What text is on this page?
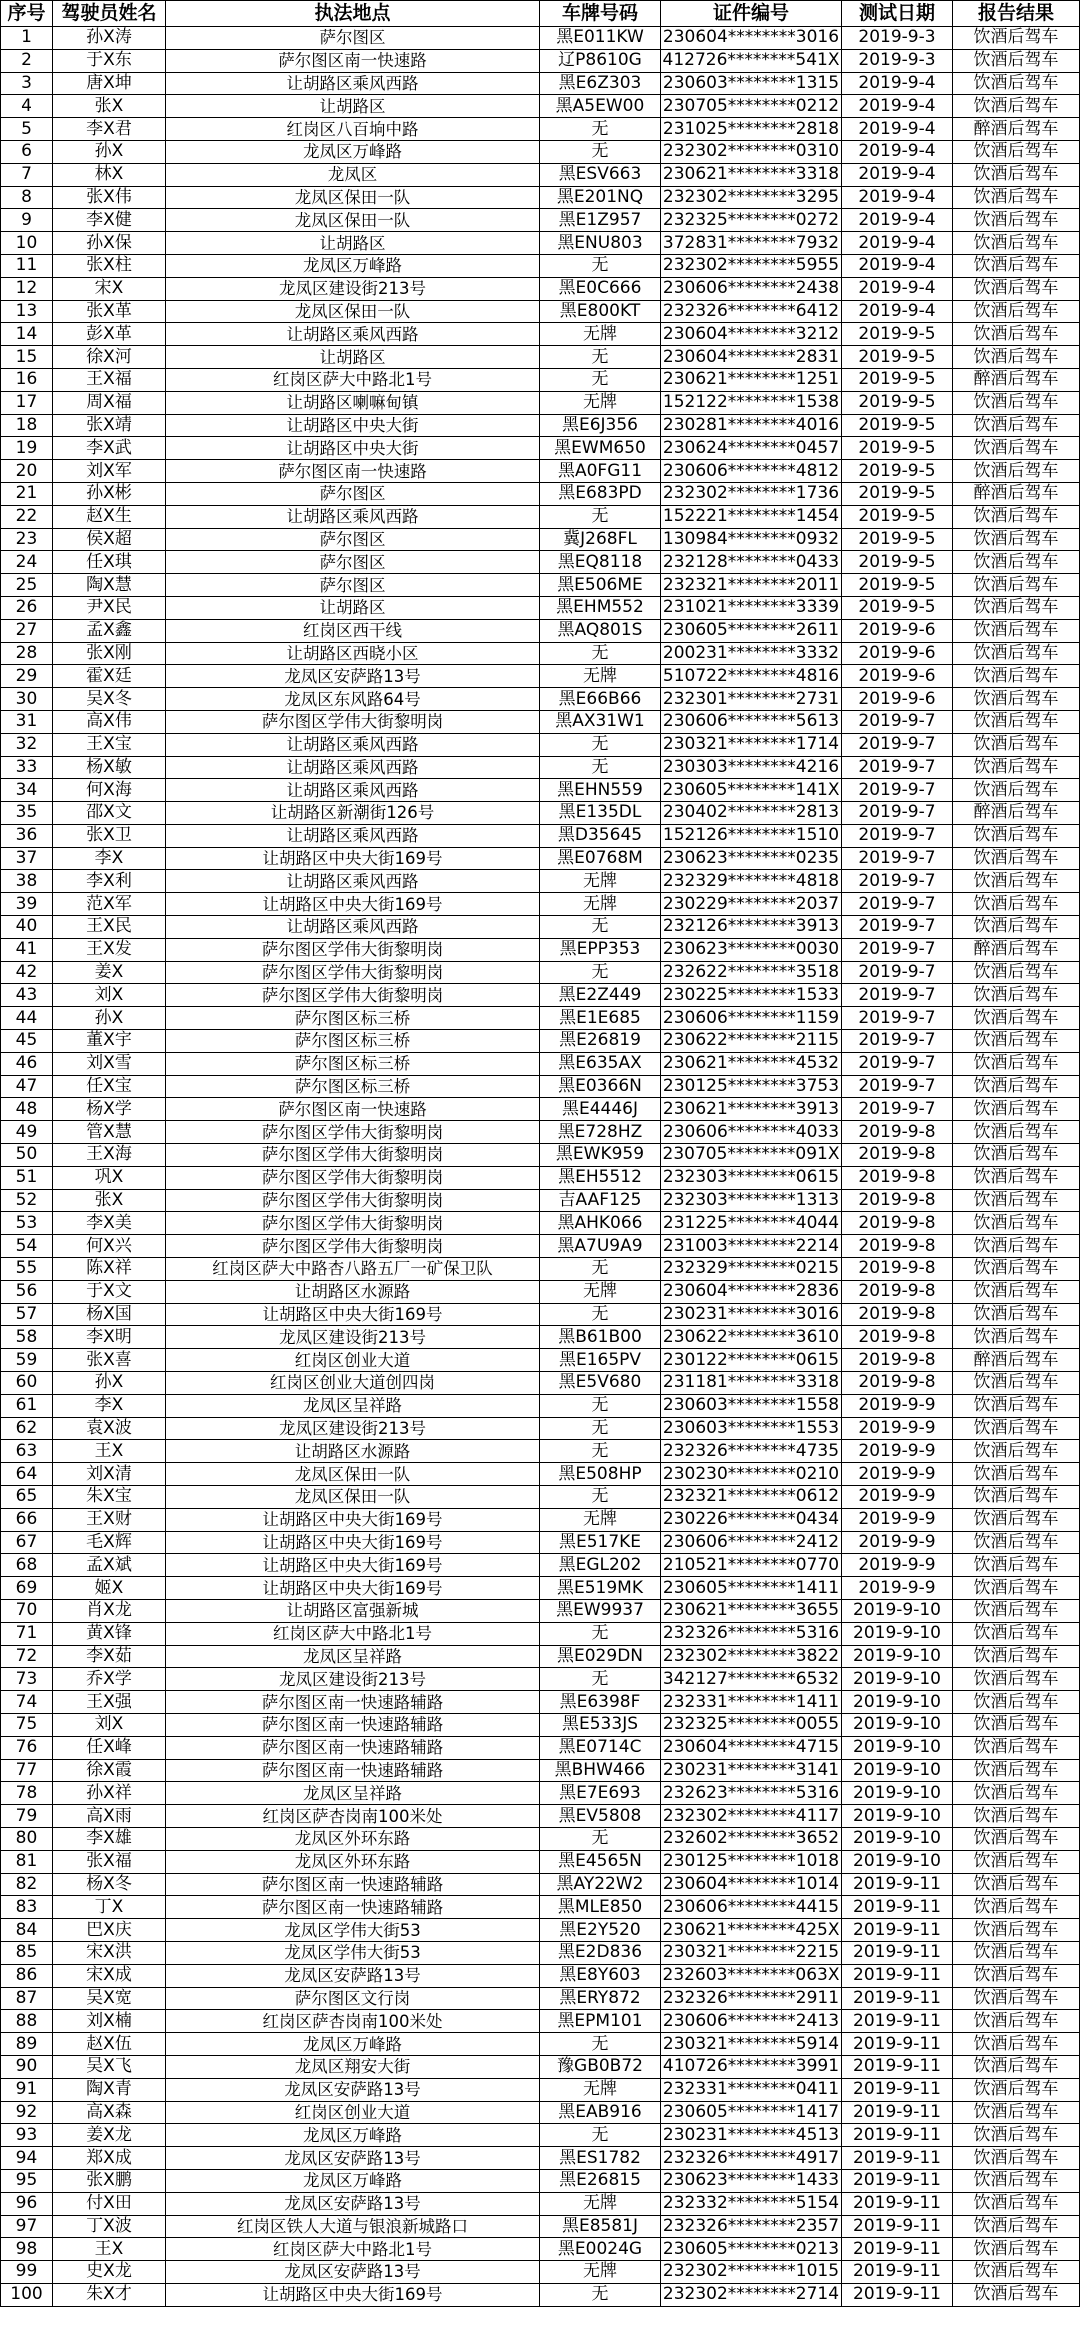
序号	驾驶员姓名	执法地点	车牌号码	证件编号	测试日期	报告结果
1	孙X涛	萨尔图区	黑E011KW	230604********3016	2019-9-3	饮酒后驾车
2	于X东	萨尔图区南一快速路	辽P8610G	412726********541X	2019-9-3	饮酒后驾车
3	唐X坤	让胡路区乘风西路	黑E6Z303	230603********1315	2019-9-4	饮酒后驾车
4	张X	让胡路区	黑A5EW00	230705********0212	2019-9-4	饮酒后驾车
5	李X君	红岗区八百垧中路	无	231025********2818	2019-9-4	醉酒后驾车
6	孙X	龙凤区万峰路	无	232302********0310	2019-9-4	饮酒后驾车
7	林X	龙凤区	黑ESV663	230621********3318	2019-9-4	饮酒后驾车
8	张X伟	龙凤区保田一队	黑E201NQ	232302********3295	2019-9-4	饮酒后驾车
9	李X健	龙凤区保田一队	黑E1Z957	232325********0272	2019-9-4	饮酒后驾车
10	孙X保	让胡路区	黑ENU803	372831********7932	2019-9-4	饮酒后驾车
11	张X柱	龙凤区万峰路	无	232302********5955	2019-9-4	饮酒后驾车
12	宋X	龙凤区建设街213号	黑E0C666	230606********2438	2019-9-4	饮酒后驾车
13	张X革	龙凤区保田一队	黑E800KT	232326********6412	2019-9-4	饮酒后驾车
14	彭X革	让胡路区乘风西路	无牌	230604********3212	2019-9-5	饮酒后驾车
15	徐X河	让胡路区	无	230604********2831	2019-9-5	饮酒后驾车
16	王X福	红岗区萨大中路北1号	无	230621********1251	2019-9-5	醉酒后驾车
17	周X福	让胡路区喇嘛甸镇	无牌	152122********1538	2019-9-5	饮酒后驾车
18	张X靖	让胡路区中央大街	黑E6J356	230281********4016	2019-9-5	饮酒后驾车
19	李X武	让胡路区中央大街	黑EWM650	230624********0457	2019-9-5	饮酒后驾车
20	刘X军	萨尔图区南一快速路	黑A0FG11	230606********4812	2019-9-5	饮酒后驾车
21	孙X彬	萨尔图区	黑E683PD	232302********1736	2019-9-5	醉酒后驾车
22	赵X生	让胡路区乘风西路	无	152221********1454	2019-9-5	饮酒后驾车
23	侯X超	萨尔图区	冀J268FL	130984********0932	2019-9-5	饮酒后驾车
24	任X琪	萨尔图区	黑EQ8118	232128********0433	2019-9-5	饮酒后驾车
25	陶X慧	萨尔图区	黑E506ME	232321********2011	2019-9-5	饮酒后驾车
26	尹X民	让胡路区	黑EHM552	231021********3339	2019-9-5	饮酒后驾车
27	孟X鑫	红岗区西干线	黑AQ801S	230605********2611	2019-9-6	饮酒后驾车
28	张X刚	让胡路区西晓小区	无	200231********3332	2019-9-6	饮酒后驾车
29	霍X廷	龙凤区安萨路13号	无牌	510722********4816	2019-9-6	饮酒后驾车
30	吴X冬	龙凤区东风路64号	黑E66B66	232301********2731	2019-9-6	饮酒后驾车
31	高X伟	萨尔图区学伟大街黎明岗	黑AX31W1	230606********5613	2019-9-7	饮酒后驾车
32	王X宝	让胡路区乘风西路	无	230321********1714	2019-9-7	饮酒后驾车
33	杨X敏	让胡路区乘风西路	无	230303********4216	2019-9-7	饮酒后驾车
34	何X海	让胡路区乘风西路	黑EHN559	230605********141X	2019-9-7	饮酒后驾车
35	邵X文	让胡路区新潮街126号	黑E135DL	230402********2813	2019-9-7	醉酒后驾车
36	张X卫	让胡路区乘风西路	黑D35645	152126********1510	2019-9-7	饮酒后驾车
37	李X	让胡路区中央大街169号	黑E0768M	230623********0235	2019-9-7	饮酒后驾车
38	李X利	让胡路区乘风西路	无牌	232329********4818	2019-9-7	饮酒后驾车
39	范X军	让胡路区中央大街169号	无牌	230229********2037	2019-9-7	饮酒后驾车
40	王X民	让胡路区乘风西路	无	232126********3913	2019-9-7	饮酒后驾车
41	王X发	萨尔图区学伟大街黎明岗	黑EPP353	230623********0030	2019-9-7	醉酒后驾车
42	姜X	萨尔图区学伟大街黎明岗	无	232622********3518	2019-9-7	饮酒后驾车
43	刘X	萨尔图区学伟大街黎明岗	黑E2Z449	230225********1533	2019-9-7	饮酒后驾车
44	孙X	萨尔图区标三桥	黑E1E685	230606********1159	2019-9-7	饮酒后驾车
45	董X宇	萨尔图区标三桥	黑E26819	230622********2115	2019-9-7	饮酒后驾车
46	刘X雪	萨尔图区标三桥	黑E635AX	230621********4532	2019-9-7	饮酒后驾车
47	任X宝	萨尔图区标三桥	黑E0366N	230125********3753	2019-9-7	饮酒后驾车
48	杨X学	萨尔图区南一快速路	黑E4446J	230621********3913	2019-9-7	饮酒后驾车
49	管X慧	萨尔图区学伟大街黎明岗	黑E728HZ	230606********4033	2019-9-8	饮酒后驾车
50	王X海	萨尔图区学伟大街黎明岗	黑EWK959	230705********091X	2019-9-8	饮酒后驾车
51	巩X	萨尔图区学伟大街黎明岗	黑EH5512	232303********0615	2019-9-8	饮酒后驾车
52	张X	萨尔图区学伟大街黎明岗	吉AAF125	232303********1313	2019-9-8	饮酒后驾车
53	李X美	萨尔图区学伟大街黎明岗	黑AHK066	231225********4044	2019-9-8	饮酒后驾车
54	何X兴	萨尔图区学伟大街黎明岗	黑A7U9A9	231003********2214	2019-9-8	饮酒后驾车
55	陈X祥	红岗区萨大中路杏八路五厂一矿保卫队	无	232329********0215	2019-9-8	饮酒后驾车
56	于X文	让胡路区水源路	无牌	230604********2836	2019-9-8	饮酒后驾车
57	杨X国	让胡路区中央大街169号	无	230231********3016	2019-9-8	饮酒后驾车
58	李X明	龙凤区建设街213号	黑B61B00	230622********3610	2019-9-8	饮酒后驾车
59	张X喜	红岗区创业大道	黑E165PV	230122********0615	2019-9-8	醉酒后驾车
60	孙X	红岗区创业大道创四岗	黑E5V680	231181********3318	2019-9-8	饮酒后驾车
61	李X	龙凤区呈祥路	无	230603********1558	2019-9-9	饮酒后驾车
62	袁X波	龙凤区建设街213号	无	230603********1553	2019-9-9	饮酒后驾车
63	王X	让胡路区水源路	无	232326********4735	2019-9-9	饮酒后驾车
64	刘X清	龙凤区保田一队	黑E508HP	230230********0210	2019-9-9	饮酒后驾车
65	朱X宝	龙凤区保田一队	无	232321********0612	2019-9-9	饮酒后驾车
66	王X财	让胡路区中央大街169号	无牌	230226********0434	2019-9-9	饮酒后驾车
67	毛X辉	让胡路区中央大街169号	黑E517KE	230606********2412	2019-9-9	饮酒后驾车
68	孟X斌	让胡路区中央大街169号	黑EGL202	210521********0770	2019-9-9	饮酒后驾车
69	姬X	让胡路区中央大街169号	黑E519MK	230605********1411	2019-9-9	饮酒后驾车
70	肖X龙	让胡路区富强新城	黑EW9937	230621********3655	2019-9-10	饮酒后驾车
71	黄X锋	红岗区萨大中路北1号	无	232326********5316	2019-9-10	饮酒后驾车
72	李X茹	龙凤区呈祥路	黑E029DN	232302********3822	2019-9-10	饮酒后驾车
73	乔X学	龙凤区建设街213号	无	342127********6532	2019-9-10	饮酒后驾车
74	王X强	萨尔图区南一快速路辅路	黑E6398F	232331********1411	2019-9-10	饮酒后驾车
75	刘X	萨尔图区南一快速路辅路	黑E533JS	232325********0055	2019-9-10	饮酒后驾车
76	任X峰	萨尔图区南一快速路辅路	黑E0714C	230604********4715	2019-9-10	饮酒后驾车
77	徐X霞	萨尔图区南一快速路辅路	黑BHW466	230231********3141	2019-9-10	饮酒后驾车
78	孙X祥	龙凤区呈祥路	黑E7E693	232623********5316	2019-9-10	饮酒后驾车
79	高X雨	红岗区萨杏岗南100米处	黑EV5808	232302********4117	2019-9-10	饮酒后驾车
80	李X雄	龙凤区外环东路	无	232602********3652	2019-9-10	饮酒后驾车
81	张X福	龙凤区外环东路	黑E4565N	230125********1018	2019-9-10	饮酒后驾车
82	杨X冬	萨尔图区南一快速路辅路	黑AY22W2	230604********1014	2019-9-11	饮酒后驾车
83	丁X	萨尔图区南一快速路辅路	黑MLE850	230606********4415	2019-9-11	饮酒后驾车
84	巴X庆	龙凤区学伟大街53	黑E2Y520	230621********425X	2019-9-11	饮酒后驾车
85	宋X洪	龙凤区学伟大街53	黑E2D836	230321********2215	2019-9-11	饮酒后驾车
86	宋X成	龙凤区安萨路13号	黑E8Y603	232603********063X	2019-9-11	饮酒后驾车
87	吴X宽	萨尔图区文行岗	黑ERY872	232326********2911	2019-9-11	饮酒后驾车
88	刘X楠	红岗区萨杏岗南100米处	黑EPM101	230606********2413	2019-9-11	饮酒后驾车
89	赵X伍	龙凤区万峰路	无	230321********5914	2019-9-11	饮酒后驾车
90	吴X飞	龙凤区翔安大街	豫GB0B72	410726********3991	2019-9-11	饮酒后驾车
91	陶X青	龙凤区安萨路13号	无牌	232331********0411	2019-9-11	饮酒后驾车
92	高X森	红岗区创业大道	黑EAB916	230605********1417	2019-9-11	饮酒后驾车
93	姜X龙	龙凤区万峰路	无	230231********4513	2019-9-11	饮酒后驾车
94	郑X成	龙凤区安萨路13号	黑ES1782	232326********4917	2019-9-11	饮酒后驾车
95	张X鹏	龙凤区万峰路	黑E26815	230623********1433	2019-9-11	饮酒后驾车
96	付X田	龙凤区安萨路13号	无牌	232332********5154	2019-9-11	饮酒后驾车
97	丁X波	红岗区铁人大道与银浪新城路口	黑E8581J	232326********2357	2019-9-11	饮酒后驾车
98	王X	红岗区萨大中路北1号	黑E0024G	230605********0213	2019-9-11	饮酒后驾车
99	史X龙	龙凤区安萨路13号	无牌	232302********1015	2019-9-11	饮酒后驾车
100	朱X才	让胡路区中央大街169号	无	232302********2714	2019-9-11	饮酒后驾车
